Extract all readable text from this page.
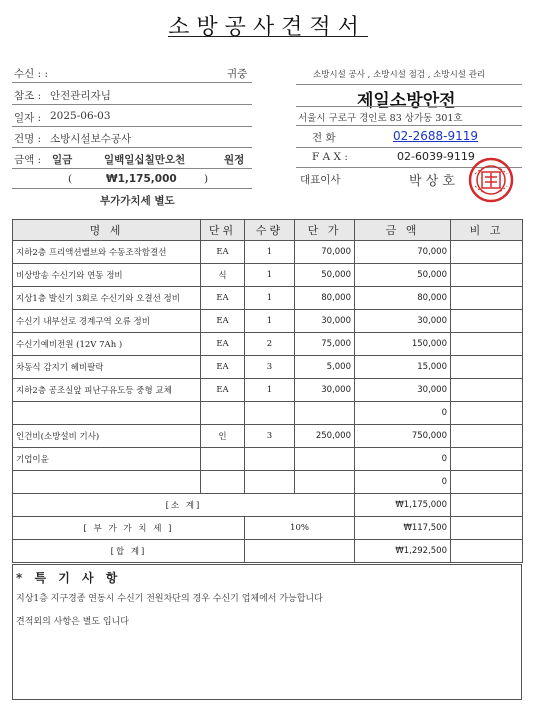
소방공사견적서
수신 : :	귀중
참조 : 안전관리자님
일자 : 2025-06-03
건명 : 소방시설보수공사
금액 : 일금	일백일십칠만오천	원정
(	₩1,175,000	)
부가가치세 별도
소방시설 공사 , 소방시설 점검 , 소방시설 관리
제일소방안전
서울시 구로구 경인로 83 상가동 301호
전 화	02-2688-9119
F A X :	02-6039-9119
대표이사	박 상 호
명 세	단위	수량	단 가	금 액	비 고
지하2층 프리액션밸브와 수동조작함결선	EA	1	70,000	70,000	
비상방송 수신기와 연동 정비	식	1	50,000	50,000	
지상1층 발신기 3회로 수신기와 오결선 정비	EA	1	80,000	80,000	
수신기 내부선로 경계구역 오류 정비	EA	1	30,000	30,000	
수신기예비전원 (12V 7Ah )	EA	2	75,000	150,000	
차동식 감지기 헤비팔락	EA	3	5,000	15,000	
지하2층 공조실앞 피난구유도등 중형 교체	EA	1	30,000	30,000	
				0	
인건비(소방설비 기사)	인	3	250,000	750,000	
기업이윤				0	
				0	
[소 계]				₩1,175,000	
[ 부 가 가 치 세 ]		10%		₩117,500	
[합 계]				₩1,292,500	
* 특 기 사 항
지상1층 지구경종 연동시 수신기 전원차단의 경우 수신기 업체에서 가능합니다
견적외의 사항은 별도 입니다
